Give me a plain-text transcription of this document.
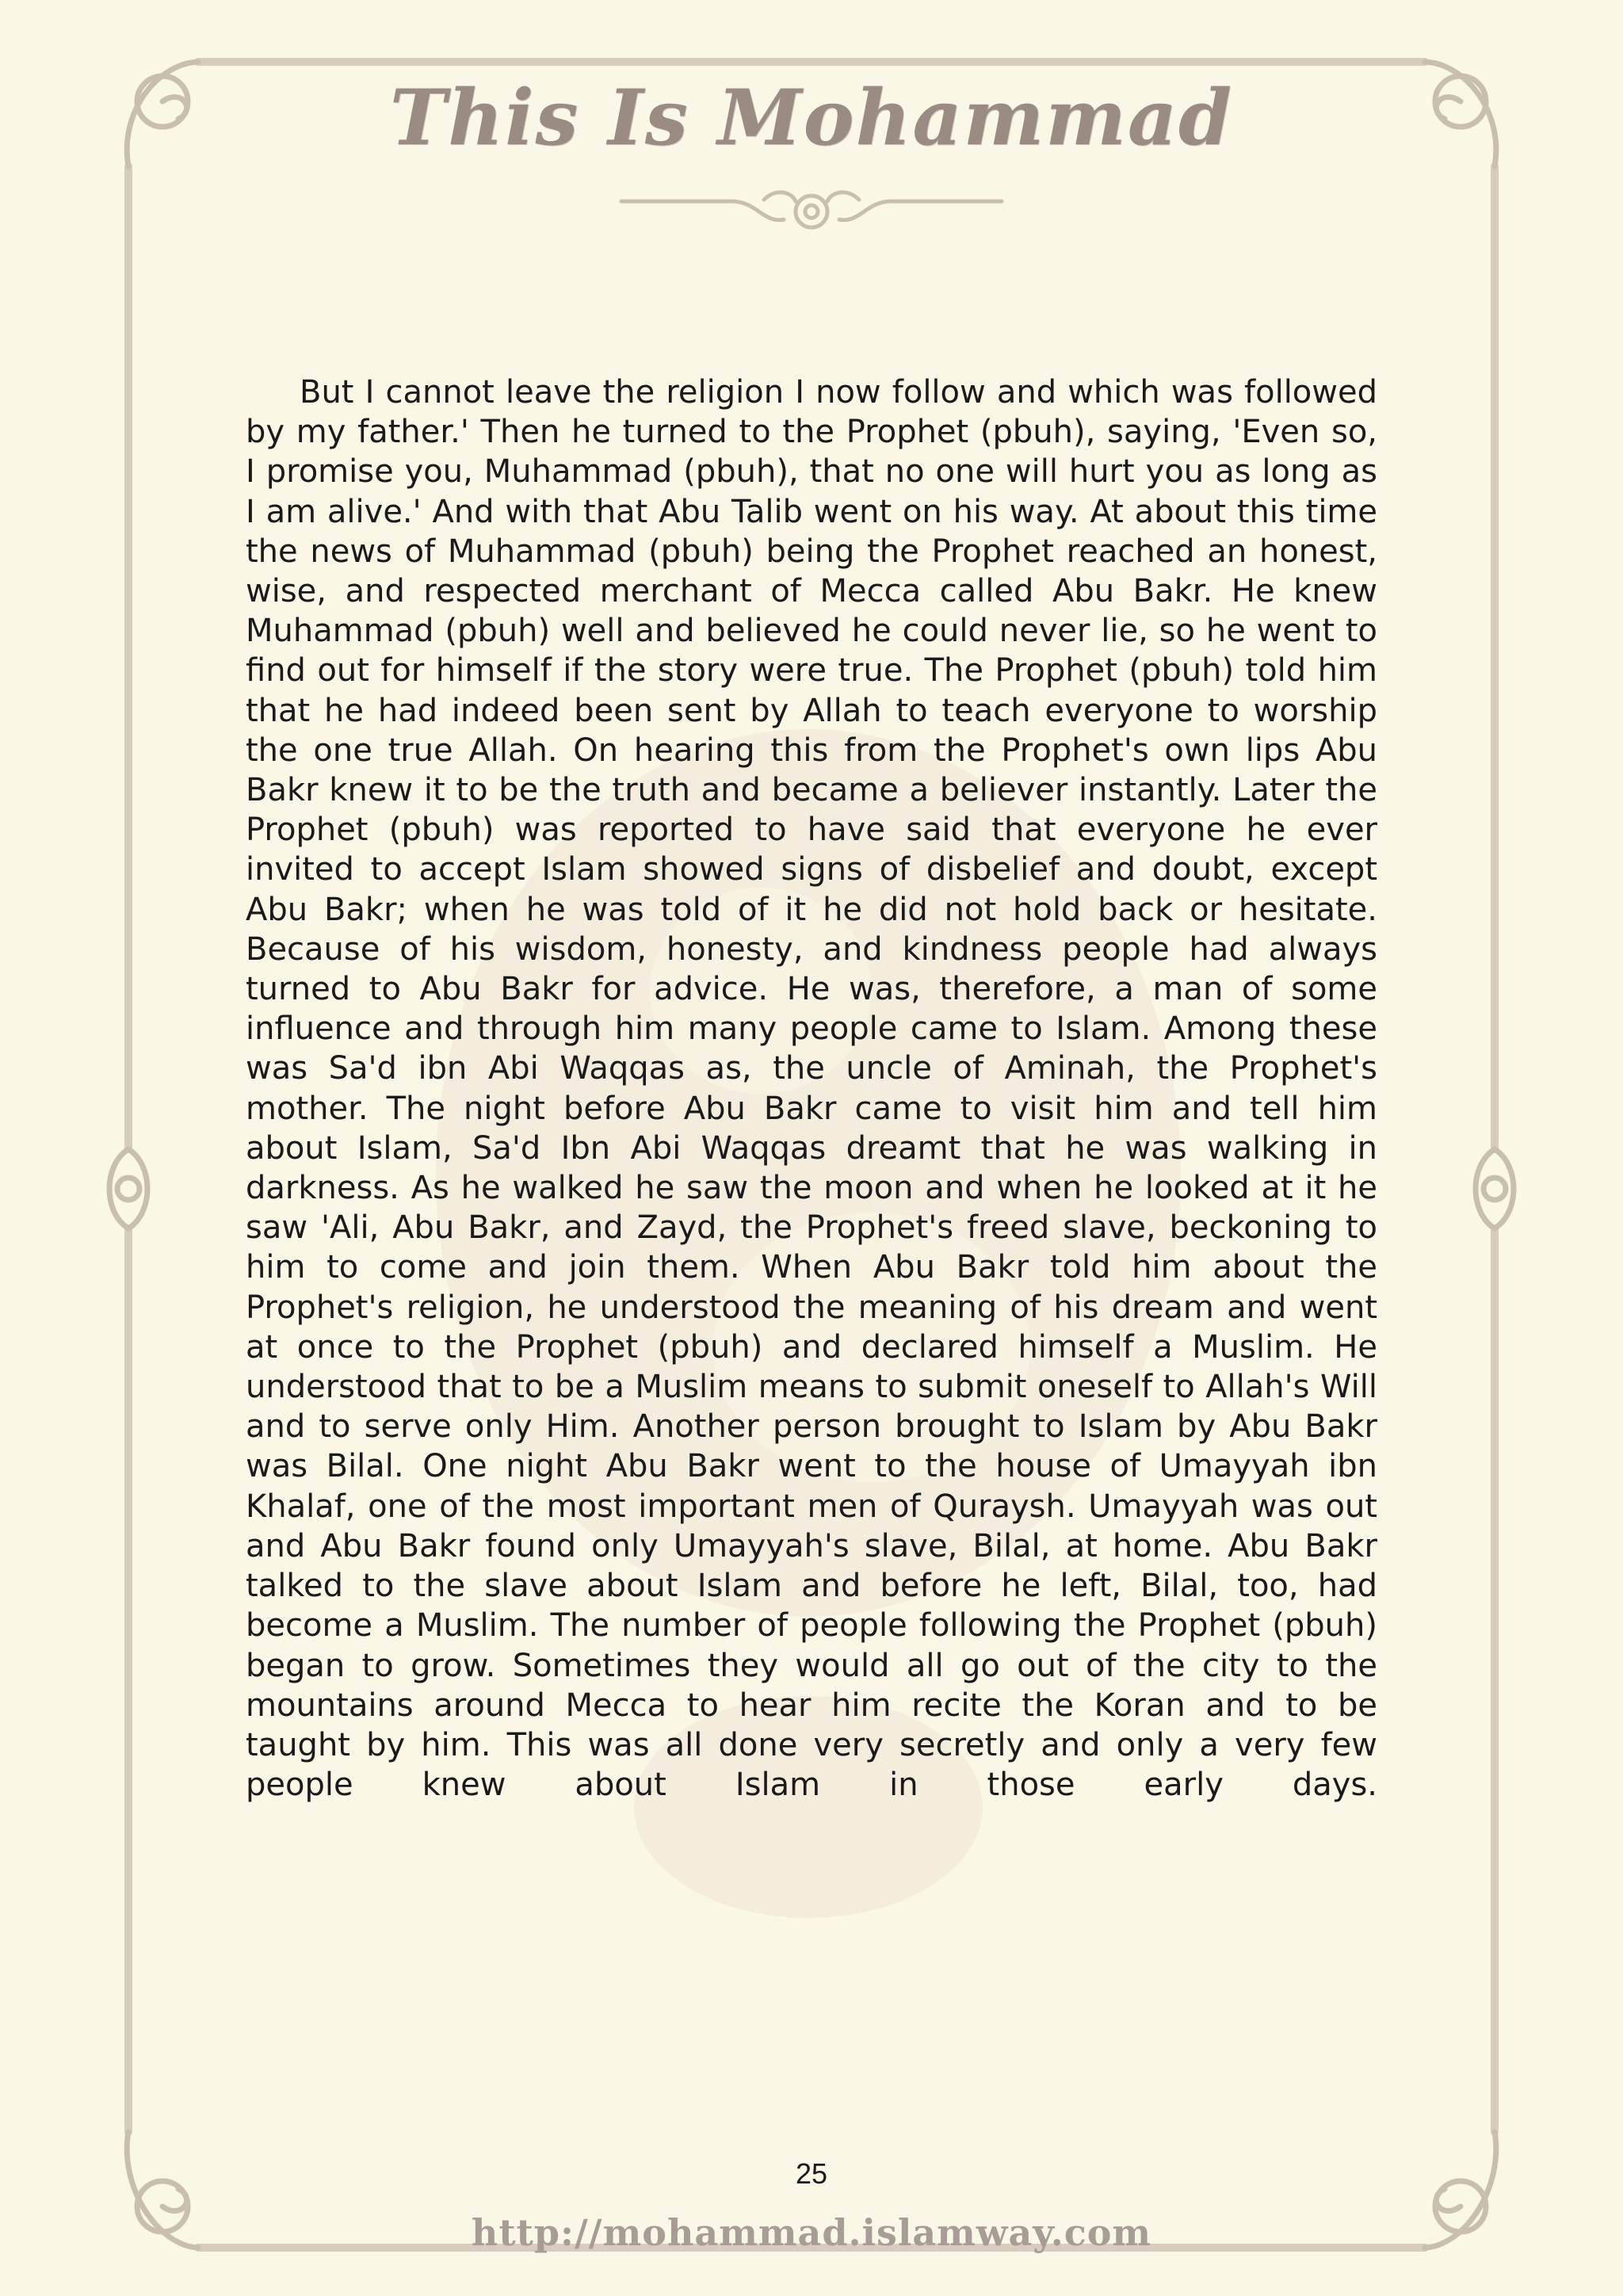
This Is Mohammad

But I cannot leave the religion I now follow and which was followed by my father.' Then he turned to the Prophet (pbuh), saying, 'Even so, I promise you, Muhammad (pbuh), that no one will hurt you as long as I am alive.' And with that Abu Talib went on his way. At about this time the news of Muhammad (pbuh) being the Prophet reached an honest, wise, and respected merchant of Mecca called Abu Bakr. He knew Muhammad (pbuh) well and believed he could never lie, so he went to find out for himself if the story were true. The Prophet (pbuh) told him that he had indeed been sent by Allah to teach everyone to worship the one true Allah. On hearing this from the Prophet's own lips Abu Bakr knew it to be the truth and became a believer instantly. Later the Prophet (pbuh) was reported to have said that everyone he ever invited to accept Islam showed signs of disbelief and doubt, except Abu Bakr; when he was told of it he did not hold back or hesitate. Because of his wisdom, honesty, and kindness people had always turned to Abu Bakr for advice. He was, therefore, a man of some influence and through him many people came to Islam. Among these was Sa'd ibn Abi Waqqas as, the uncle of Aminah, the Prophet's mother. The night before Abu Bakr came to visit him and tell him about Islam, Sa'd Ibn Abi Waqqas dreamt that he was walking in darkness. As he walked he saw the moon and when he looked at it he saw 'Ali, Abu Bakr, and Zayd, the Prophet's freed slave, beckoning to him to come and join them. When Abu Bakr told him about the Prophet's religion, he understood the meaning of his dream and went at once to the Prophet (pbuh) and declared himself a Muslim. He understood that to be a Muslim means to submit oneself to Allah's Will and to serve only Him. Another person brought to Islam by Abu Bakr was Bilal. One night Abu Bakr went to the house of Umayyah ibn Khalaf, one of the most important men of Quraysh. Umayyah was out and Abu Bakr found only Umayyah's slave, Bilal, at home. Abu Bakr talked to the slave about Islam and before he left, Bilal, too, had become a Muslim. The number of people following the Prophet (pbuh) began to grow. Sometimes they would all go out of the city to the mountains around Mecca to hear him recite the Koran and to be taught by him. This was all done very secretly and only a very few people knew about Islam in those early days.

25
http://mohammad.islamway.com
